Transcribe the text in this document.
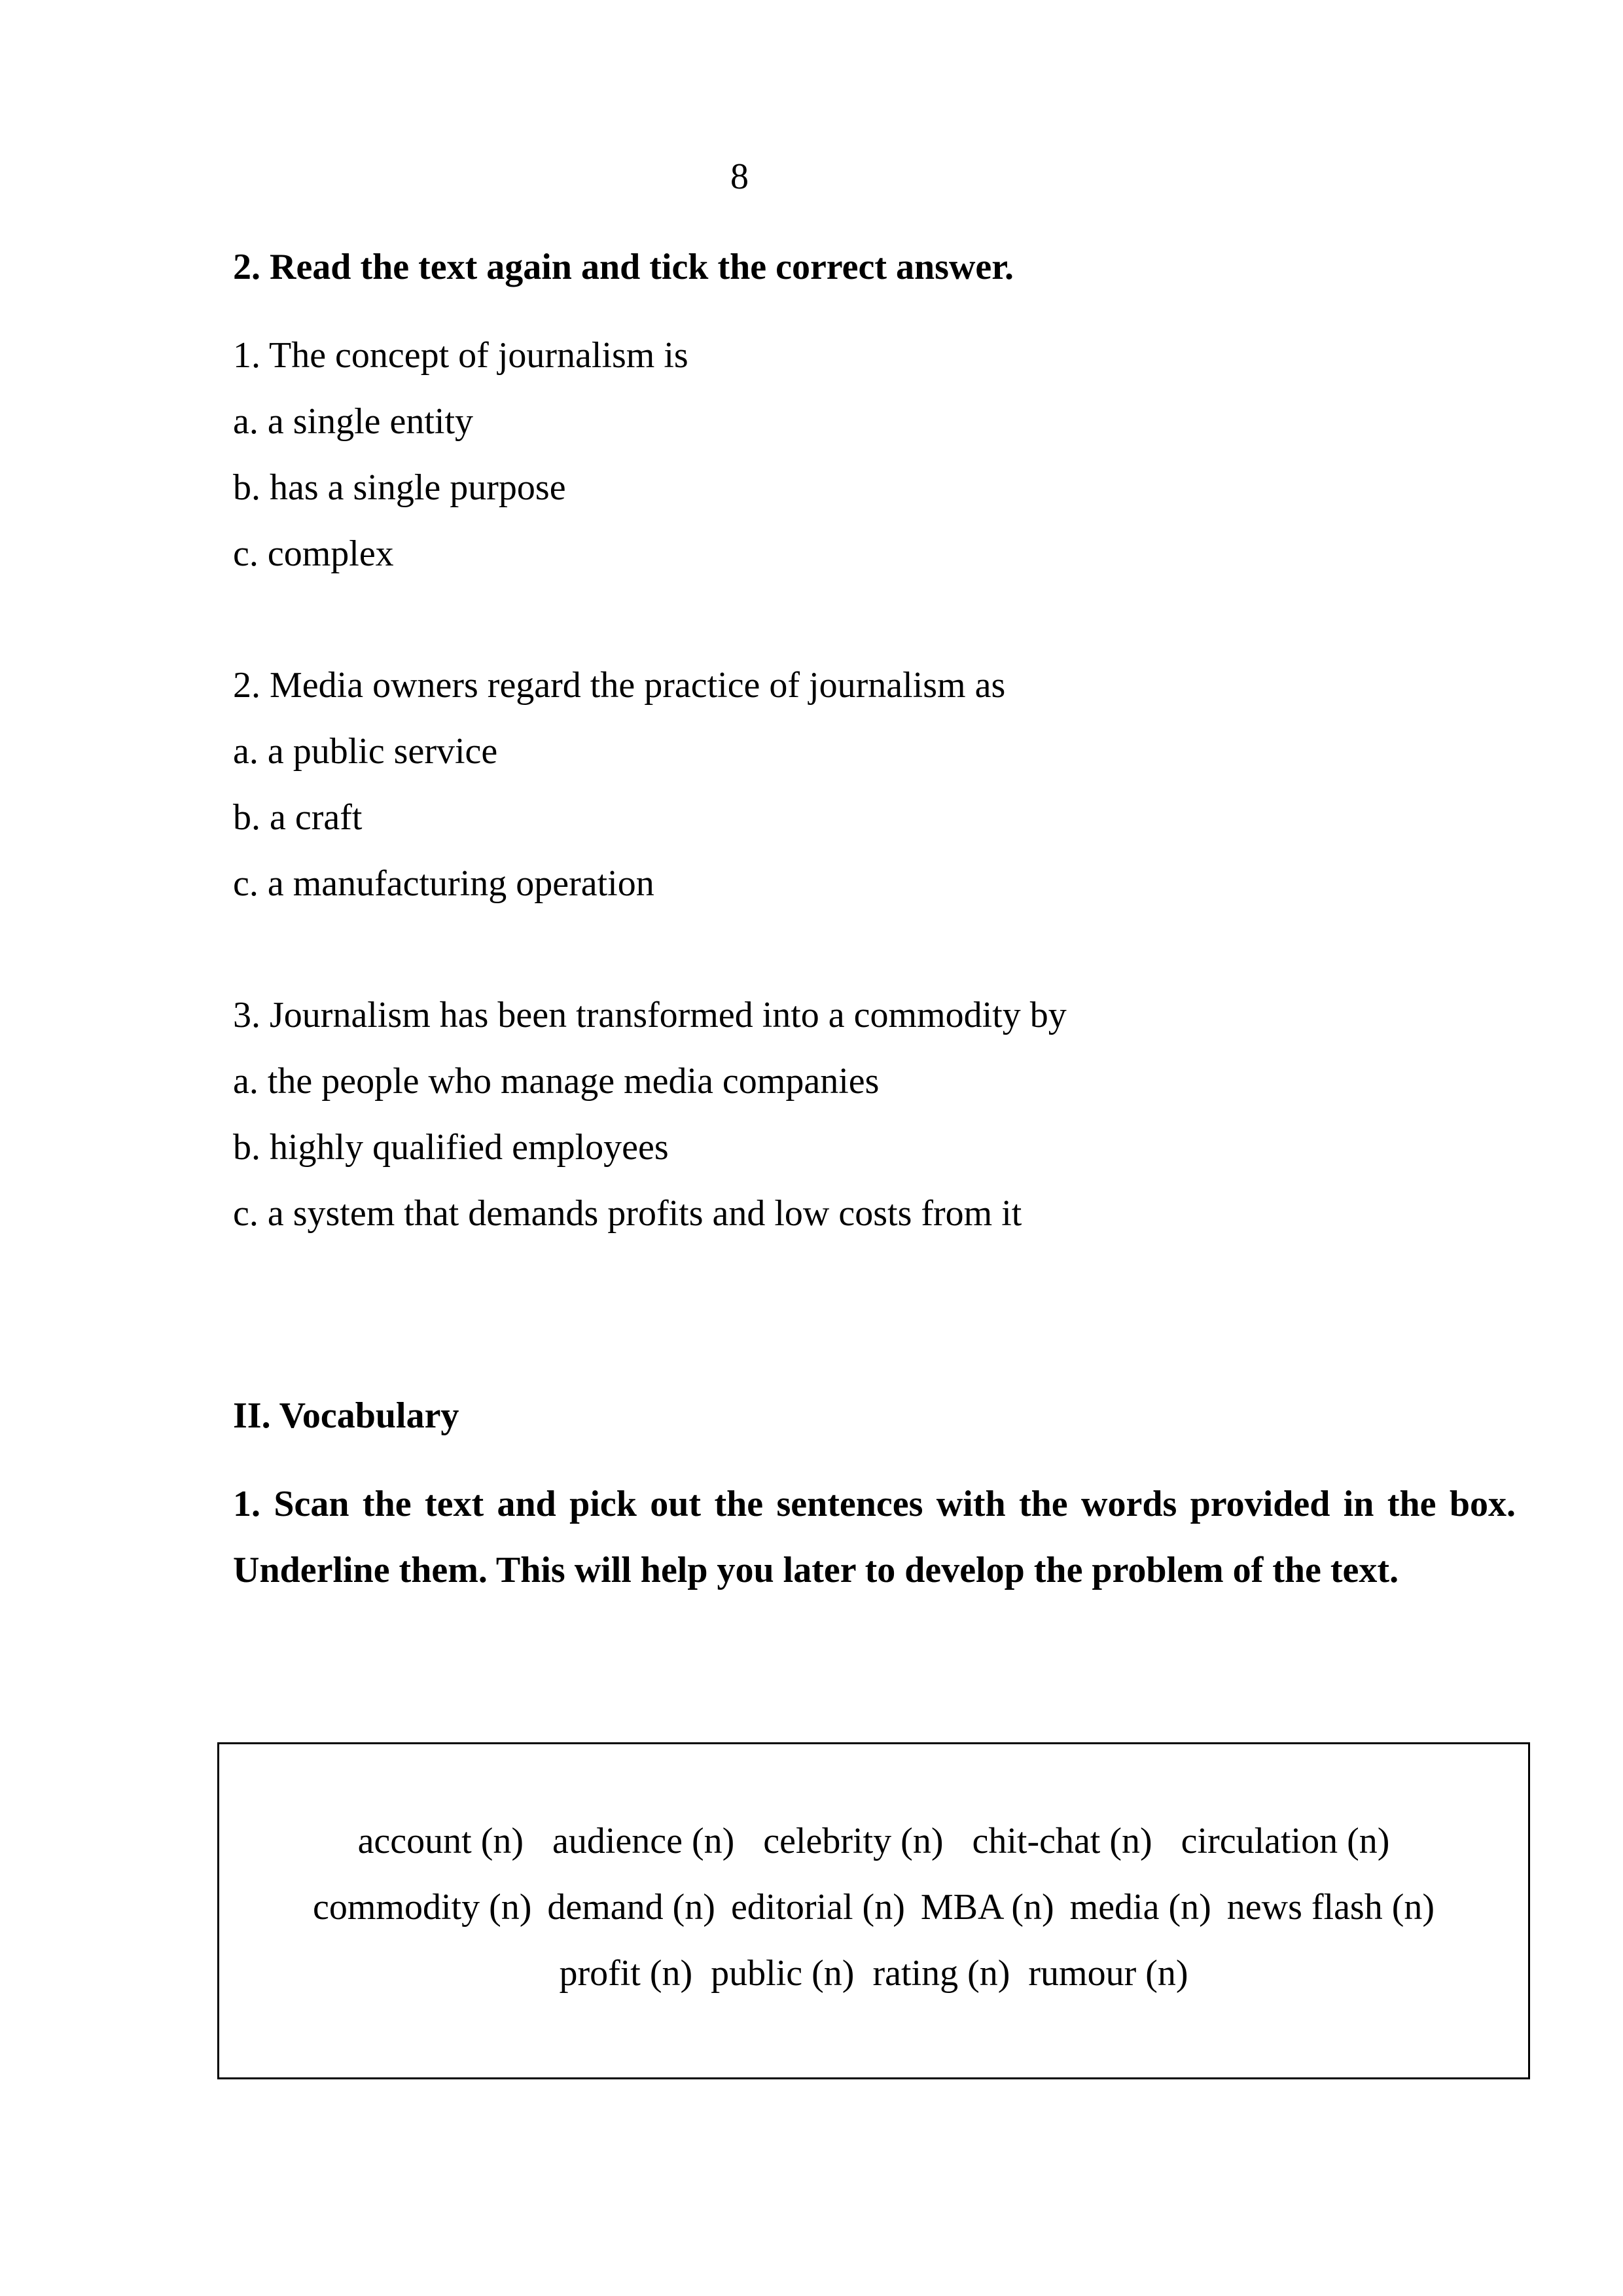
8
2. Read the text again and tick the correct answer.
1. The concept of journalism is
a. a single entity
b. has a single purpose
c. complex
2. Media owners regard the practice of journalism as
a. a public service
b. a craft
c. a manufacturing operation
3. Journalism has been transformed into a commodity by
a. the people who manage media companies
b. highly qualified employees
c. a system that demands profits and low costs from it
II. Vocabulary
1. Scan the text and pick out the sentences with the words provided in the box. Underline them. This will help you later to develop the problem of the text.
account (n) audience (n) celebrity (n) chit-chat (n) circulation (n)
commodity (n) demand (n) editorial (n) MBA (n) media (n) news flash (n)
profit (n) public (n) rating (n) rumour (n)
